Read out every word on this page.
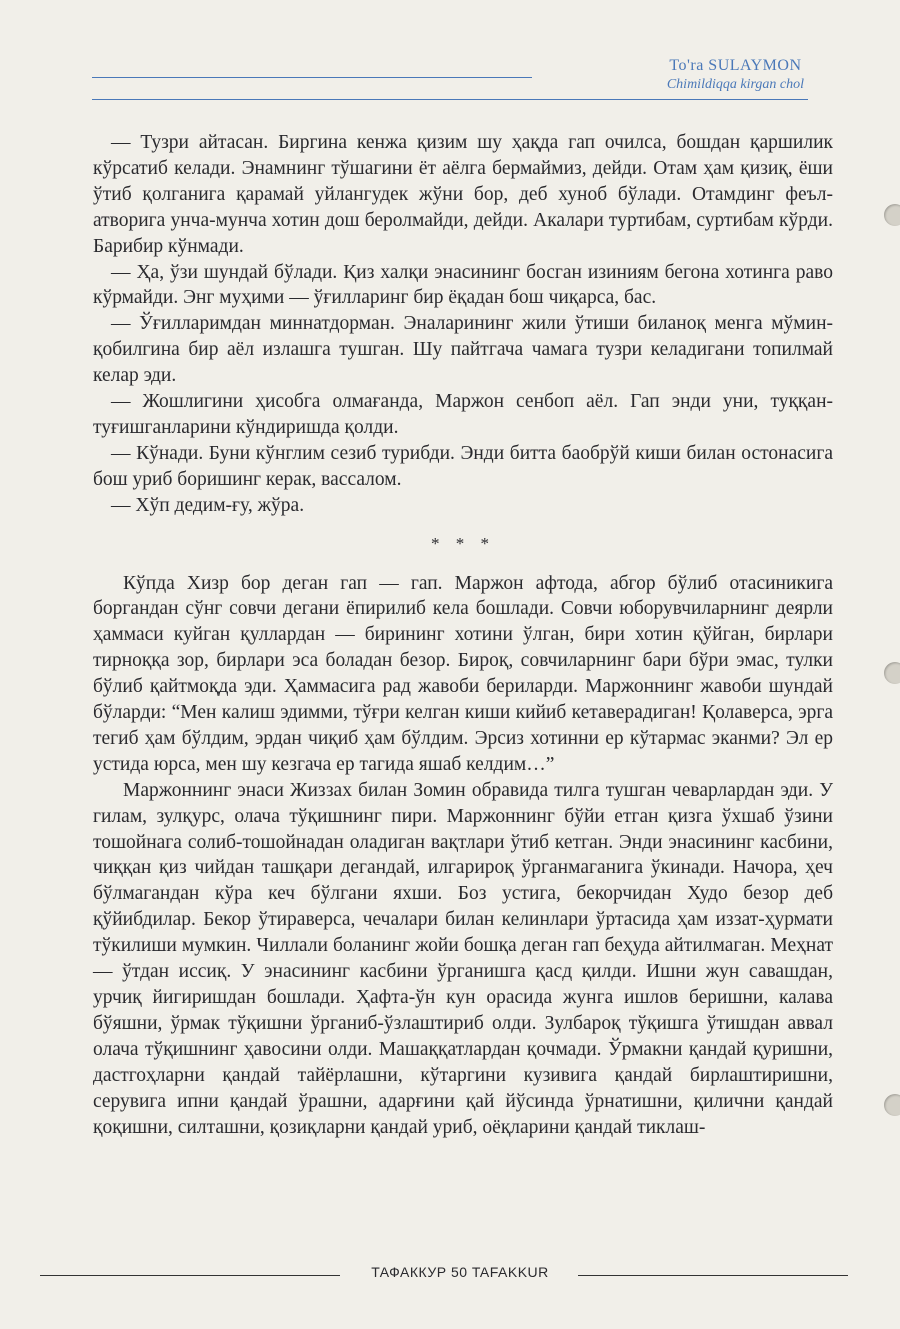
To'ra SULAYMON
Chimildiqqa kirgan chol

— Тузри айтасан. Биргина кенжа қизим шу ҳақда гап очилса, бошдан қаршилик кўрсатиб келади. Энамнинг тўшагини ёт аёлга бермаймиз, дейди. Отам ҳам қизиқ, ёши ўтиб қолганига қарамай уйлангудек жўни бор, деб хуноб бўлади. Отамдинг феъл-атворига унча-мунча хотин дош беролмайди, дейди. Акалари туртибам, суртибам кўрди. Барибир кўнмади.

— Ҳа, ўзи шундай бўлади. Қиз халқи энасининг босган изиниям бегона хотинга раво кўрмайди. Энг муҳими — ўғилларинг бир ёқадан бош чиқарса, бас.

— Ўғилларимдан миннатдорман. Эналарининг жили ўтиши биланоқ менга мўмин-қобилгина бир аёл излашга тушган. Шу пайтгача чамага тузри келадигани топилмай келар эди.

— Жошлигини ҳисобга олмағанда, Маржон сенбоп аёл. Гап энди уни, туққан-туғишганларини кўндиришда қолди.

— Кўнади. Буни кўнглим сезиб турибди. Энди битта баобрўй киши билан остонасига бош уриб боришинг керак, вассалом.

— Хўп дедим-ғу, жўра.

* * *

Кўпда Хизр бор деган гап — гап. Маржон афтода, абгор бўлиб отасиникига боргандан сўнг совчи дегани ёпирилиб кела бошлади. Совчи юборувчиларнинг деярли ҳаммаси куйган қуллардан — бирининг хотини ўлган, бири хотин қўйган, бирлари тирноққа зор, бирлари эса боладан безор. Бироқ, совчиларнинг бари бўри эмас, тулки бўлиб қайтмоқда эди. Ҳаммасига рад жавоби бериларди. Маржоннинг жавоби шундай бўларди: “Мен калиш эдимми, тўғри келган киши кийиб кетаверадиган! Қолаверса, эрга тегиб ҳам бўлдим, эрдан чиқиб ҳам бўлдим. Эрсиз хотинни ер кўтармас эканми? Эл ер устида юрса, мен шу кезгача ер тагида яшаб келдим…”

Маржоннинг энаси Жиззах билан Зомин обравида тилга тушган чеварлардан эди. У гилам, зулқурс, олача тўқишнинг пири. Маржоннинг бўйи етган қизга ўхшаб ўзини тошойнага солиб-тошойнадан оладиган вақтлари ўтиб кетган. Энди энасининг касбини, чиққан қиз чийдан ташқари дегандай, илгарироқ ўрганмаганига ўкинади. Начора, ҳеч бўлмагандан кўра кеч бўлгани яхши. Боз устига, бекорчидан Худо безор деб қўйибдилар. Бекор ўтираверса, чечалари билан келинлари ўртасида ҳам иззат-ҳурмати тўкилиши мумкин. Чиллали боланинг жойи бошқа деган гап беҳуда айтилмаган. Меҳнат — ўтдан иссиқ. У энасининг касбини ўрганишга қасд қилди. Ишни жун савашдан, урчиқ йигиришдан бошлади. Ҳафта-ўн кун орасида жунга ишлов беришни, калава бўяшни, ўрмак тўқишни ўрганиб-ўзлаштириб олди. Зулбароқ тўқишга ўтишдан аввал олача тўқишнинг ҳавосини олди. Машаққатлардан қочмади. Ўрмакни қандай қуришни, дастгоҳларни қандай тайёрлашни, кўтаргини кузивига қандай бирлаштиришни, серувига ипни қандай ўрашни, адарғини қай йўсинда ўрнатишни, қилични қандай қоқишни, силташни, қозиқларни қандай уриб, оёқларини қандай тиклаш-

ТАФАККУР 50 TAFAKKUR
